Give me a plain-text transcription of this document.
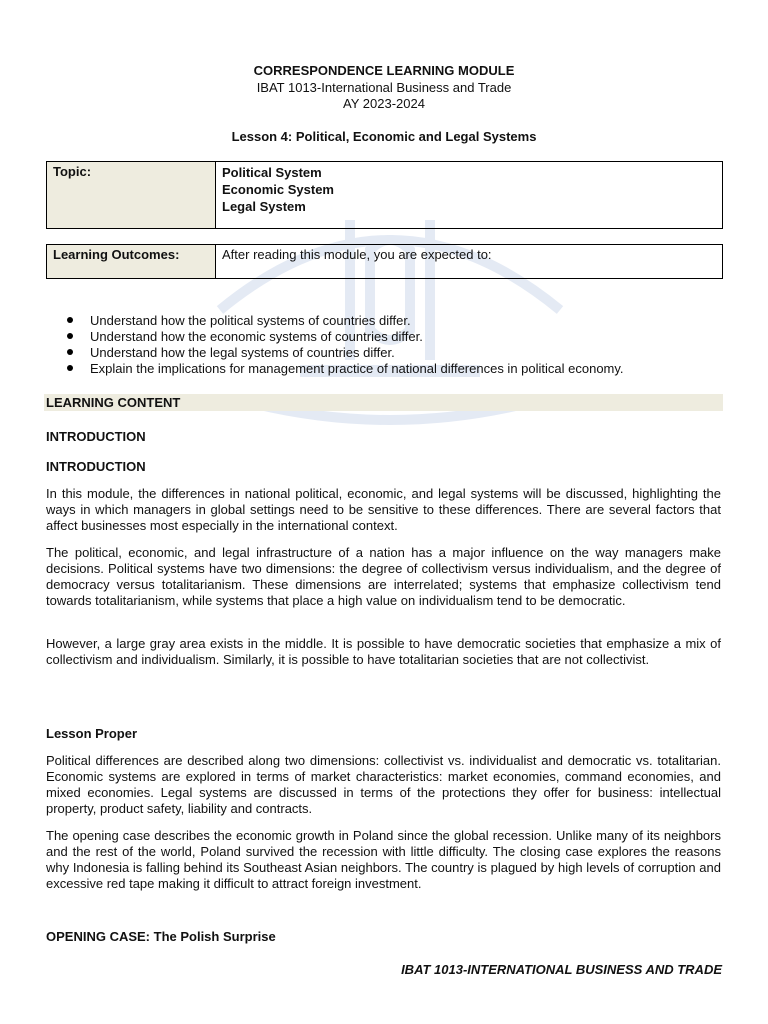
CORRESPONDENCE LEARNING MODULE
IBAT 1013-International Business and Trade
AY 2023-2024
Lesson 4: Political, Economic and Legal Systems
Topic:	Political System
Economic System
Legal System
Learning Outcomes:	After reading this module, you are expected to:
Understand how the political systems of countries differ.
Understand how the economic systems of countries differ.
Understand how the legal systems of countries differ.
Explain the implications for management practice of national differences in political economy.
LEARNING CONTENT
INTRODUCTION
INTRODUCTION

In this module, the differences in national political, economic, and legal systems will be discussed, highlighting the ways in which managers in global settings need to be sensitive to these differences. There are several factors that affect businesses most especially in the international context.

The political, economic, and legal infrastructure of a nation has a major influence on the way managers make decisions. Political systems have two dimensions: the degree of collectivism versus individualism, and the degree of democracy versus totalitarianism. These dimensions are interrelated; systems that emphasize collectivism tend towards totalitarianism, while systems that place a high value on individualism tend to be democratic.

However, a large gray area exists in the middle. It is possible to have democratic societies that emphasize a mix of collectivism and individualism. Similarly, it is possible to have totalitarian societies that are not collectivist.

Lesson Proper

Political differences are described along two dimensions: collectivist vs. individualist and democratic vs. totalitarian. Economic systems are explored in terms of market characteristics: market economies, command economies, and mixed economies. Legal systems are discussed in terms of the protections they offer for business: intellectual property, product safety, liability and contracts.

The opening case describes the economic growth in Poland since the global recession. Unlike many of its neighbors and the rest of the world, Poland survived the recession with little difficulty. The closing case explores the reasons why Indonesia is falling behind its Southeast Asian neighbors. The country is plagued by high levels of corruption and excessive red tape making it difficult to attract foreign investment.

OPENING CASE: The Polish Surprise
IBAT 1013-INTERNATIONAL BUSINESS AND TRADE
